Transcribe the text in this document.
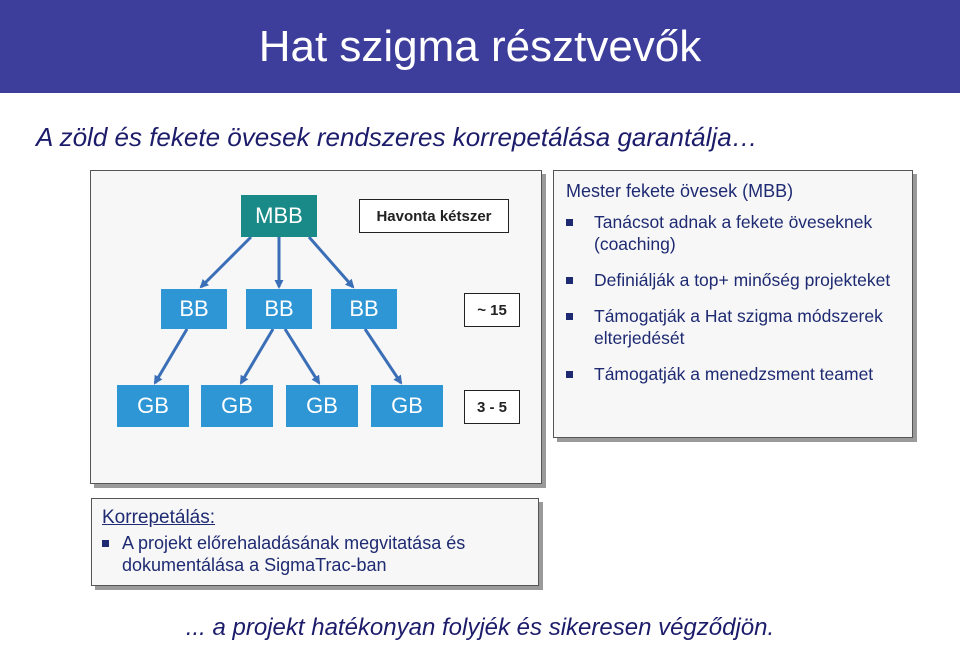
Hat szigma résztvevők
A zöld és fekete övesek rendszeres korrepetálása garantálja…
MBB
BB	BB	BB
GB	GB	GB	GB
Havonta kétszer
~ 15
3 - 5
Mester fekete övesek (MBB)
Tanácsot adnak a fekete öveseknek (coaching)
Definiálják a top+ minőség projekteket
Támogatják a Hat szigma módszerek elterjedését
Támogatják a menedzsment teamet
Korrepetálás:
A projekt előrehaladásának megvitatása és dokumentálása a SigmaTrac-ban
... a projekt hatékonyan folyjék és sikeresen végződjön.
